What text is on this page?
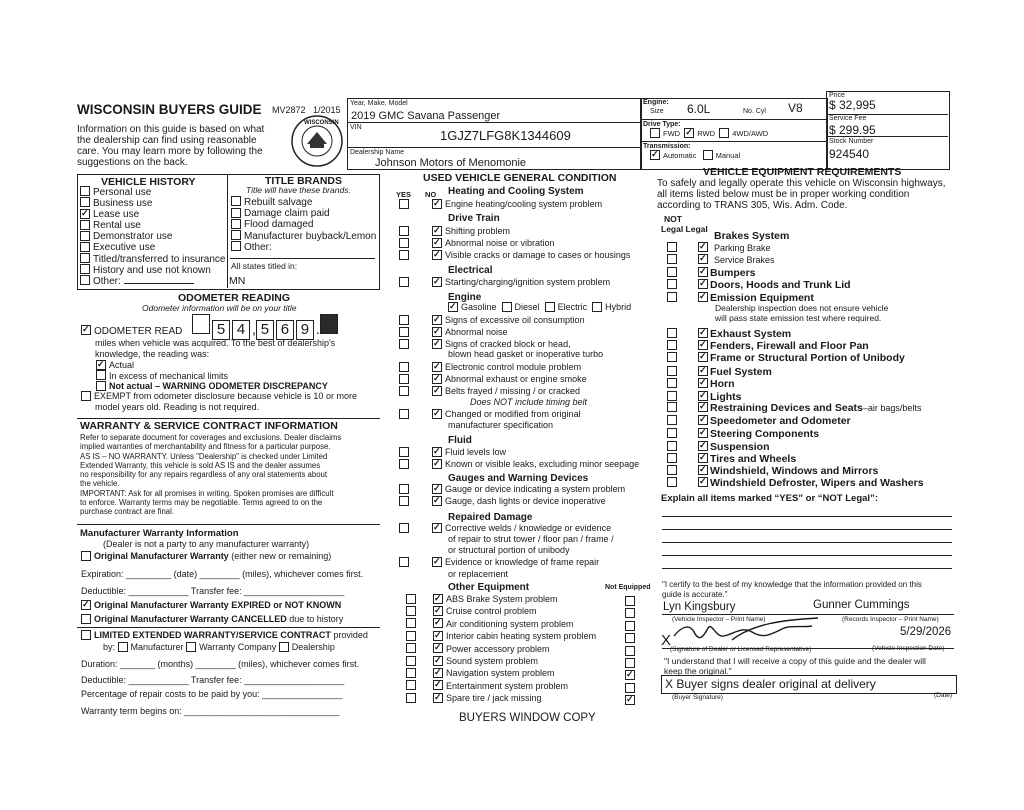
WISCONSIN BUYERS GUIDE MV2872 1/2015
Information on this guide is based on what
the dealership can find using reasonable
care. You may learn more by following the
suggestions on the back.
WISCONSIN
Year, Make, Model
2019 GMC Savana Passenger
VIN
1GJZ7LFG8K1344609
Dealership Name
Johnson Motors of Menomonie
Engine:
Size 6.0L	No. Cyl V8
Drive Type:
FWD  ✓ RWD 4WD/AWD
Transmission:
✓Automatic	Manual
Price
$ 32,995
Service Fee
$ 299.95
Stock Number
924540
VEHICLE HISTORY
Personal use
Business use
✓Lease use
Rental use
Demonstrator use
Executive use
Titled/transferred to insurance
History and use not known
Other:
TITLE BRANDS
Title will have these brands.
Rebuilt salvage
Damage claim paid
Flood damaged
Manufacturer buyback/Lemon
Other:
All states titled in:
MN
ODOMETER READING
Odometer information will be on your title
✓ODOMETER READ	5 4 , 5 6 9 .
miles when vehicle was acquired. To the best of dealership's
knowledge, the reading was:
✓Actual
In excess of mechanical limits
Not actual – WARNING ODOMETER DISCREPANCY
EXEMPT from odometer disclosure because vehicle is 10 or more
model years old. Reading is not required.
WARRANTY & SERVICE CONTRACT INFORMATION
Refer to separate document for coverages and exclusions. Dealer disclaims
implied warranties of merchantability and fitness for a particular purpose.
AS IS – NO WARRANTY. Unless "Dealership" is checked under Limited
Extended Warranty, this vehicle is sold AS IS and the dealer assumes
no responsibility for any repairs regardless of any oral statements about
the vehicle.
IMPORTANT: Ask for all promises in writing. Spoken promises are difficult
to enforce. Warranty terms may be negotiable. Terms agreed to on the
purchase contract are final.
Manufacturer Warranty Information
(Dealer is not a party to any manufacturer warranty)
Original Manufacturer Warranty (either new or remaining)
Expiration: _________ (date) ________ (miles), whichever comes first.
Deductible: ____________ Transfer fee: ____________________
✓Original Manufacturer Warranty EXPIRED or NOT KNOWN
Original Manufacturer Warranty CANCELLED due to history
LIMITED EXTENDED WARRANTY/SERVICE CONTRACT provided
by: Manufacturer Warranty Company Dealership
Duration: _______ (months) ________ (miles), whichever comes first.
Deductible: ____________ Transfer fee: ____________________
Percentage of repair costs to be paid by you: ________________
Warranty term begins on: _______________________________
USED VEHICLE GENERAL CONDITION
YES NO Heating and Cooling System
✓Engine heating/cooling system problem
Drive Train
✓Shifting problem
✓Abnormal noise or vibration
✓Visible cracks or damage to cases or housings
Electrical
✓Starting/charging/ignition system problem
Engine
✓Signs of excessive oil consumption
✓Abnormal noise
✓Signs of cracked block or head,
blown head gasket or inoperative turbo
✓Electronic control module problem
✓Abnormal exhaust or engine smoke
✓Belts frayed / missing / or cracked
Does NOT include timing belt
✓Changed or modified from original
manufacturer specification
Fluid
✓Fluid levels low
✓Known or visible leaks, excluding minor seepage
Gauges and Warning Devices
✓Gauge or device indicating a system problem
✓Gauge, dash lights or device inoperative
Repaired Damage
✓Corrective welds / knowledge or evidence
of repair to strut tower / floor pan / frame /
or structural portion of unibody
✓Evidence or knowledge of frame repair
or replacement
✓Gasoline Diesel Electric Hybrid
Other Equipment	Not Equipped
✓ABS Brake System problem
✓Cruise control problem
✓Air conditioning system problem
✓Interior cabin heating system problem
✓Power accessory problem
✓Sound system problem
✓Navigation system problem
✓
✓Entertainment system problem
✓Spare tire / jack missing
✓
BUYERS WINDOW COPY
VEHICLE EQUIPMENT REQUIREMENTS
To safely and legally operate this vehicle on Wisconsin highways,
all items listed below must be in proper working condition
according to TRANS 305, Wis. Adm. Code.
NOT
Legal Legal
Brakes System
✓Parking Brake
✓Service Brakes
✓Bumpers
✓Doors, Hoods and Trunk Lid
✓Emission Equipment
✓Exhaust System
✓Fenders, Firewall and Floor Pan
✓Frame or Structural Portion of Unibody
✓Fuel System
✓Horn
✓Lights
✓Restraining Devices and Seats–air bags/belts
✓Speedometer and Odometer
✓Steering Components
✓Suspension
✓Tires and Wheels
✓Windshield, Windows and Mirrors
✓Windshield Defroster, Wipers and Washers
Dealership inspection does not ensure vehicle
will pass state emission test where required.
Explain all items marked “YES” or “NOT Legal”:
"I certify to the best of my knowledge that the information provided on this
guide is accurate."
Lyn Kingsbury	Gunner Cummings
(Vehicle Inspector – Print Name)	(Records Inspector – Print Name)
5/29/2026
X
(Signature of Dealer or Licensed Representative)	(Vehicle Inspection Date)
"I understand that I will receive a copy of this guide and the dealer will
keep the original."
X Buyer signs dealer original at delivery
(Buyer Signature)	(Date)
